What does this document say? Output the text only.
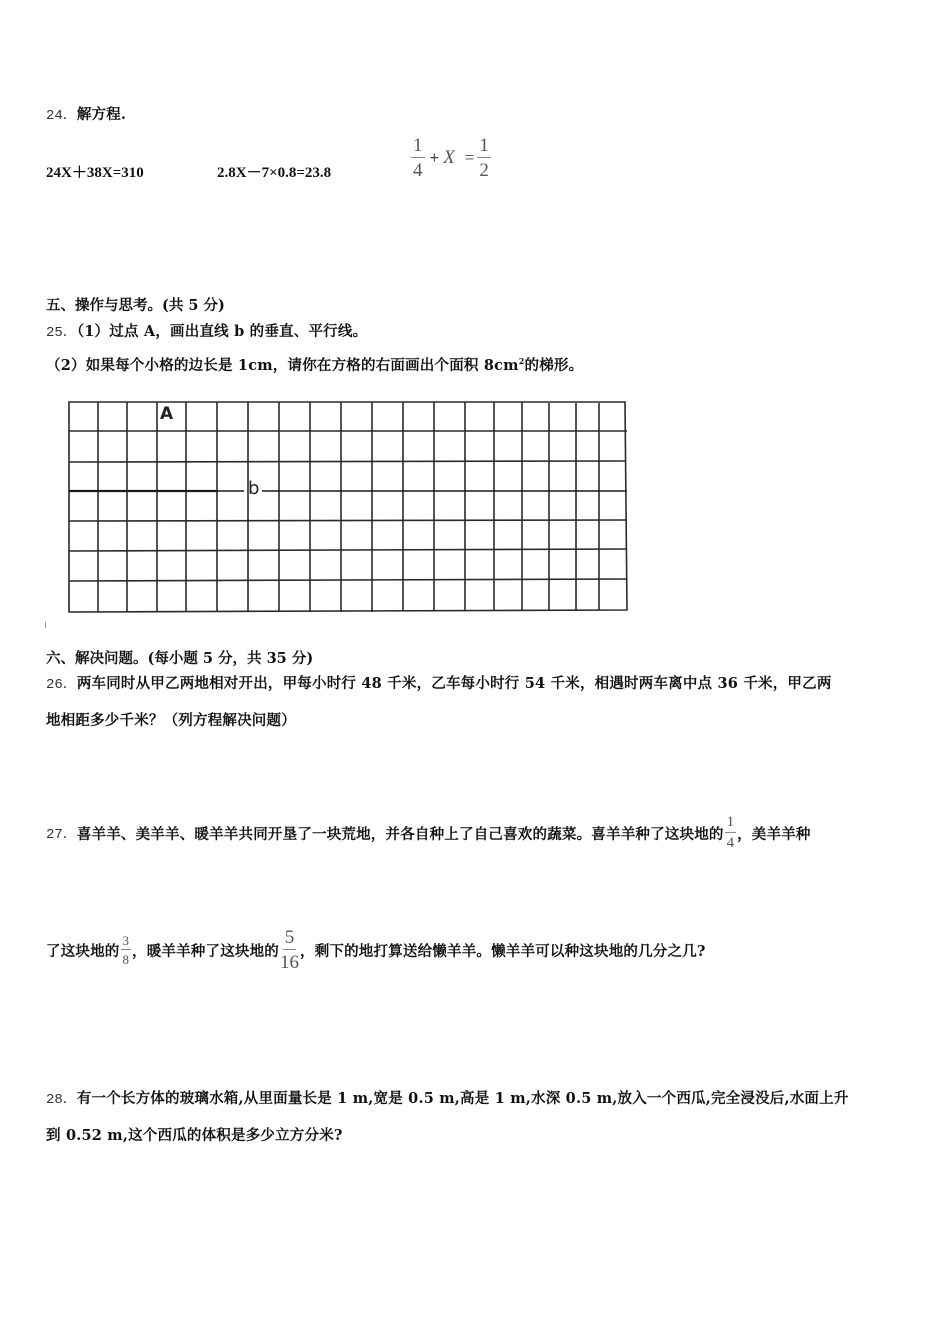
24．解方程.
24X＋38X=310	2.8X－7×0.8=23.8	$\frac{1}{4} + X = \frac{1}{2}$
五、操作与思考。(共 5 分)
25．（1）过点 A，画出直线 b 的垂直、平行线。
（2）如果每个小格的边长是 1cm，请你在方格的右面画出个面积 $8cm^2$的梯形。
A
b
六、解决问题。(每小题 5 分，共 35 分)
26．两车同时从甲乙两地相对开出，甲每小时行 48 千米，乙车每小时行 54 千米，相遇时两车离中点 36 千米，甲乙两
地相距多少千米？（列方程解决问题）
27． 喜羊羊、美羊羊、暖羊羊共同开垦了一块荒地，并各自种上了自己喜欢的蔬菜。喜羊羊种了这块地的 $\frac{1}{4}$ ，美羊羊种
了这块地的 $\frac{3}{8}$ ，暖羊羊种了这块地的 $\frac{5}{16}$ ，剩下的地打算送给懒羊羊。懒羊羊可以种这块地的几分之几?
28．有一个长方体的玻璃水箱,从里面量长是 1 m,宽是 0.5 m,高是 1 m,水深 0.5 m,放入一个西瓜,完全浸没后,水面上升
到 0.52 m,这个西瓜的体积是多少立方分米?
